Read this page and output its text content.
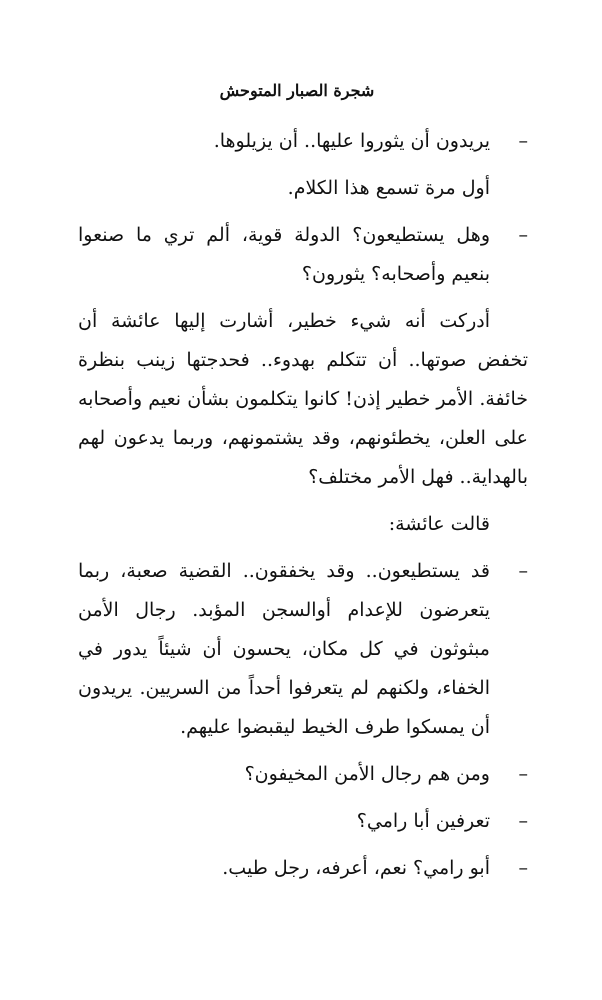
شجرة الصبار المتوحش

–
يريدون أن يثوروا عليها.. أن يزيلوها.

أول مرة تسمع هذا الكلام.

–
وهل يستطيعون؟ الدولة قوية، ألم تري ما صنعوا بنعيم وأصحابه؟ يثورون؟

أدركت أنه شيء خطير، أشارت إليها عائشة أن تخفض صوتها.. أن تتكلم بهدوء.. فحدجتها زينب بنظرة خائفة. الأمر خطير إذن! كانوا يتكلمون بشأن نعيم وأصحابه على العلن، يخطئونهم، وقد يشتمونهم، وربما يدعون لهم بالهداية.. فهل الأمر مختلف؟

قالت عائشة:

–
قد يستطيعون.. وقد يخفقون.. القضية صعبة، ربما يتعرضون للإعدام أوالسجن المؤبد. رجال الأمن مبثوثون في كل مكان، يحسون أن شيئاً يدور في الخفاء، ولكنهم لم يتعرفوا أحداً من السريين. يريدون أن يمسكوا طرف الخيط ليقبضوا عليهم.

–
ومن هم رجال الأمن المخيفون؟

–
تعرفين أبا رامي؟

–
أبو رامي؟ نعم، أعرفه، رجل طيب.
